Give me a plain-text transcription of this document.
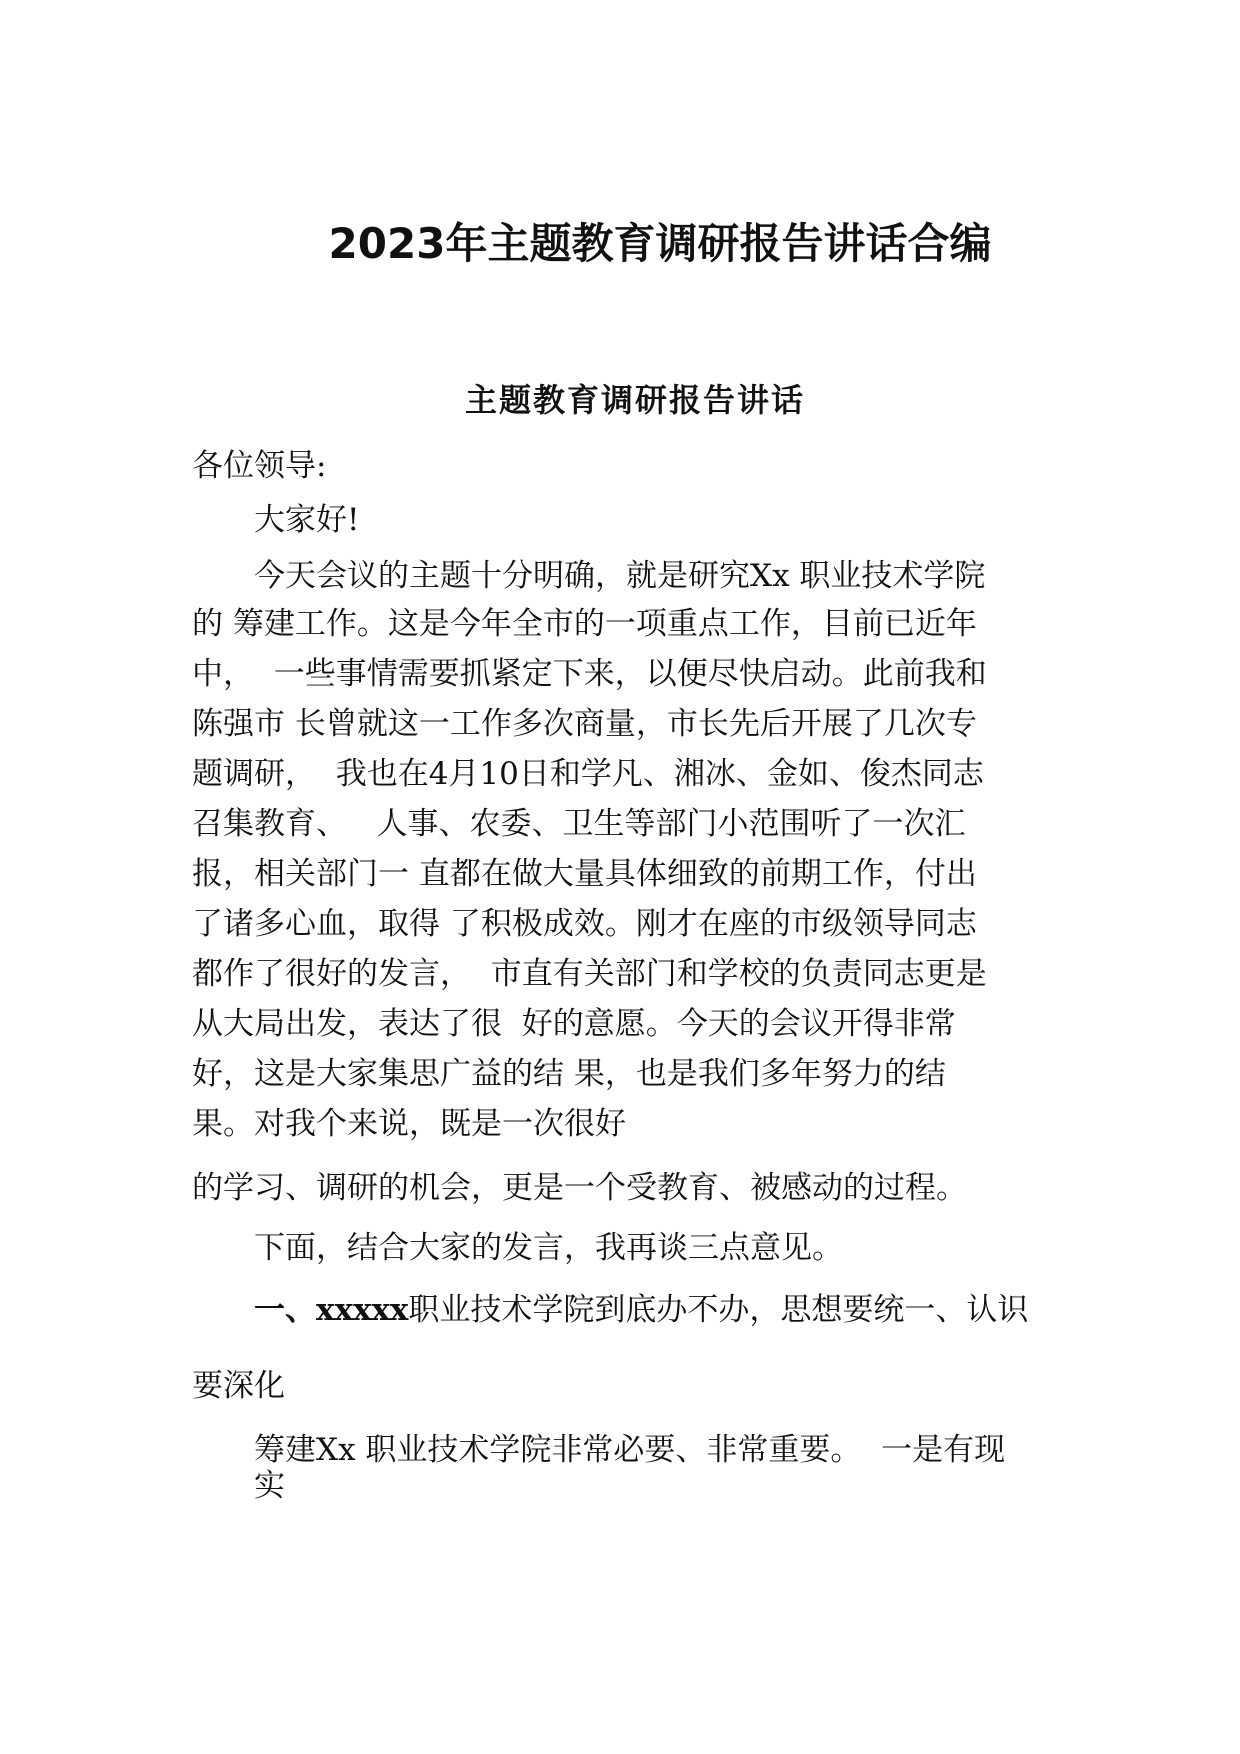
2023年主题教育调研报告讲话合编
主题教育调研报告讲话

各位领导:

大家好!

今天会议的主题十分明确，就是研究Xx 职业技术学院

的 筹建工作。这是今年全市的一项重点工作，目前已近年

中，  一些事情需要抓紧定下来，以便尽快启动。此前我和

陈强市 长曾就这一工作多次商量，市长先后开展了几次专

题调研，  我也在4月10日和学凡、湘冰、金如、俊杰同志

召集教育、   人事、农委、卫生等部门小范围听了一次汇

报，相关部门一 直都在做大量具体细致的前期工作，付出

了诸多心血，取得 了积极成效。刚才在座的市级领导同志

都作了很好的发言，  市直有关部门和学校的负责同志更是

从大局出发，表达了很  好的意愿。今天的会议开得非常

好，这是大家集思广益的结 果，也是我们多年努力的结

果。对我个来说，既是一次很好

的学习、调研的机会，更是一个受教育、被感动的过程。

下面，结合大家的发言，我再谈三点意见。

一、xxxxx职业技术学院到底办不办，思想要统一、认识

要深化

筹建Xx 职业技术学院非常必要、非常重要。  一是有现

实
